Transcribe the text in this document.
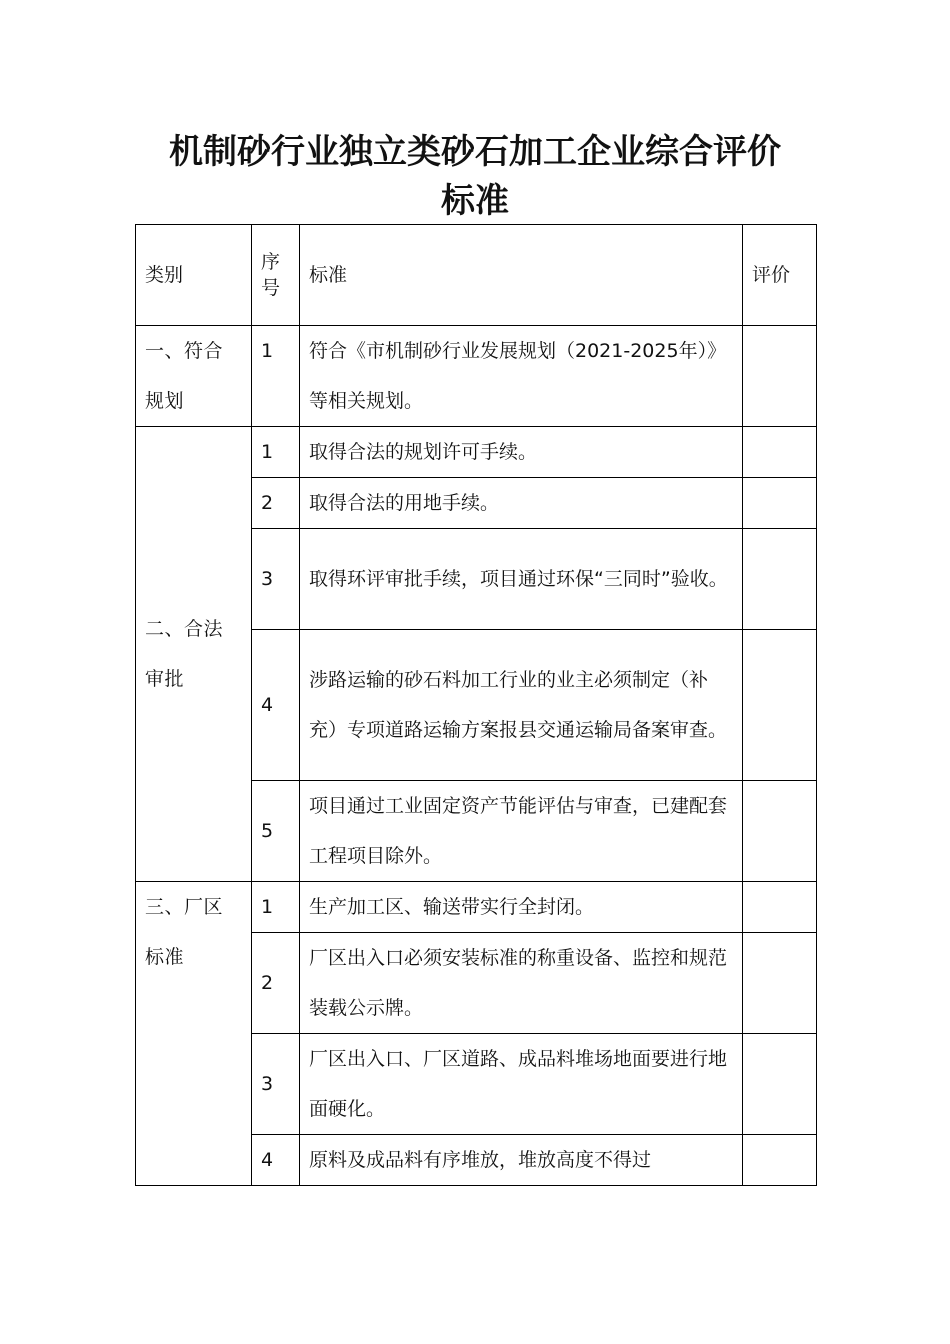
机制砂行业独立类砂石加工企业综合评价
标准
类别	序号	标准	评价
一、符合规划	1	符合《市机制砂行业发展规划（2021-2025年）》等相关规划。	
二、合法审批	1	取得合法的规划许可手续。	
	2	取得合法的用地手续。	
	3	取得环评审批手续，项目通过环保“三同时”验收。	
	4	涉路运输的砂石料加工行业的业主必须制定（补充）专项道路运输方案报县交通运输局备案审查。	
	5	项目通过工业固定资产节能评估与审查，已建配套工程项目除外。	
三、厂区标准	1	生产加工区、输送带实行全封闭。	
	2	厂区出入口必须安装标准的称重设备、监控和规范装载公示牌。	
	3	厂区出入口、厂区道路、成品料堆场地面要进行地面硬化。	
	4	原料及成品料有序堆放，堆放高度不得过	
